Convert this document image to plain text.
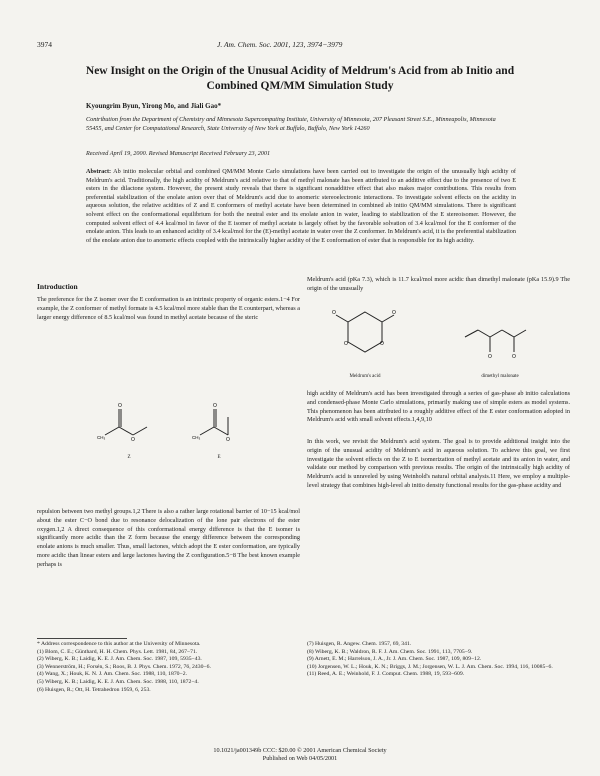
3974	J. Am. Chem. Soc. 2001, 123, 3974−3979
New Insight on the Origin of the Unusual Acidity of Meldrum's Acid from ab Initio and Combined QM/MM Simulation Study
Kyoungrim Byun, Yirong Mo, and Jiali Gao*
Contribution from the Department of Chemistry and Minnesota Supercomputing Institute, University of Minnesota, 207 Pleasant Street S.E., Minneapolis, Minnesota 55455, and Center for Computational Research, State University of New York at Buffalo, Buffalo, New York 14260
Received April 19, 2000. Revised Manuscript Received February 23, 2001
Abstract: Ab initio molecular orbital and combined QM/MM Monte Carlo simulations have been carried out to investigate the origin of the unusually high acidity of Meldrum's acid. Traditionally, the high acidity of Meldrum's acid relative to that of methyl malonate has been attributed to an additive effect due to the presence of two E esters in the dilactone system. However, the present study reveals that there is significant nonadditive effect that also makes major contributions. This results from preferential stabilization of the enolate anion over that of Meldrum's acid due to anomeric stereoelectronic interactions. To investigate solvent effects on the acidity in aqueous solution, the relative acidities of Z and E conformers of methyl acetate have been determined in combined ab initio QM/MM simulations. There is significant solvent effect on the conformational equilibrium for both the neutral ester and its enolate anion in water, leading to stabilization of the E stereoisomer. However, the computed solvent effect of 4.4 kcal/mol in favor of the E isomer of methyl acetate is largely offset by the favorable solvation of 3.4 kcal/mol for the E conformer of the enolate anion. This leads to an enhanced acidity of 3.4 kcal/mol for the (E)-methyl acetate in water over the Z conformer. In Meldrum's acid, it is the preferential stabilization of the enolate anion due to anomeric effects coupled with the intrinsically higher acidity of the E conformation of ester that is responsible for its high acidity.
Introduction
The preference for the Z isomer over the E conformation is an intrinsic property of organic esters.1−4 For example, the Z conformer of methyl formate is 4.5 kcal/mol more stable than the E counterpart, whereas a larger energy difference of 8.5 kcal/mol was found in methyl acetate because of the steric
O
O
CH₃
Z
O
O
CH₃
E
repulsion between two methyl groups.1,2 There is also a rather large rotational barrier of 10−15 kcal/mol about the ester C−O bond due to resonance delocalization of the lone pair electrons of the ester oxygen.1,2 A direct consequence of this conformational energy difference is that the E isomer is significantly more acidic than the Z form because the energy difference between the corresponding enolate anions is much smaller. Thus, small lactones, which adopt the E ester conformation, are typically more acidic than linear esters and large lactones having the Z configuration.5−8 The best known example perhaps is
Meldrum's acid (pKa 7.3), which is 11.7 kcal/mol more acidic than dimethyl malonate (pKa 15.9).9 The origin of the unusually
O	O
O	O
Meldrum's acid
O	O
dimethyl malonate
high acidity of Meldrum's acid has been investigated through a series of gas-phase ab initio calculations and condensed-phase Monte Carlo simulations, primarily making use of simple esters as model systems. This phenomenon has been attributed to a roughly additive effect of the E ester conformation adopted in Meldrum's acid with small solvent effects.1,4,9,10
In this work, we revisit the Meldrum's acid system. The goal is to provide additional insight into the origin of the unusual acidity of Meldrum's acid in aqueous solution. To achieve this goal, we first investigate the solvent effects on the Z to E isomerization of methyl acetate and its anion in water, and validate our method by comparison with previous results. The origin of the intrinsically high acidity of Meldrum's acid is unraveled by using Weinhold's natural orbital analysis.11 Here, we employ a multiple-level strategy that combines high-level ab initio density functional results for the gas-phase acidity and
* Address correspondence to this author at the University of Minnesota.
(1) Blom, C. E.; Günthard, H. H. Chem. Phys. Lett. 1981, 84, 267−71.
(2) Wiberg, K. B.; Laidig, K. E. J. Am. Chem. Soc. 1987, 109, 5935−43.
(3) Wennerström, H.; Forsén, S.; Roos, B. J. Phys. Chem. 1972, 76, 2430−6.
(4) Wang, X.; Houk, K. N. J. Am. Chem. Soc. 1988, 110, 1870−2.
(5) Wiberg, K. B.; Laidig, K. E. J. Am. Chem. Soc. 1988, 110, 1872−4.
(6) Huisgen, R.; Ott, H. Tetrahedron 1959, 6, 253.
(7) Huisgen, R. Angew. Chem. 1957, 69, 341.
(8) Wiberg, K. B.; Waldron, R. F. J. Am. Chem. Soc. 1991, 113, 7705−9.
(9) Arnett, E. M.; Harrelson, J. A., Jr. J. Am. Chem. Soc. 1987, 109, 809−12.
(10) Jorgensen, W. L.; Houk, K. N.; Briggs, J. M.; Jorgensen, W. L. J. Am. Chem. Soc. 1994, 116, 10085−6.
(11) Reed, A. E.; Weinhold, F. J. Comput. Chem. 1988, 19, 593−609.
10.1021/ja001349b CCC: $20.00 © 2001 American Chemical Society
Published on Web 04/05/2001
